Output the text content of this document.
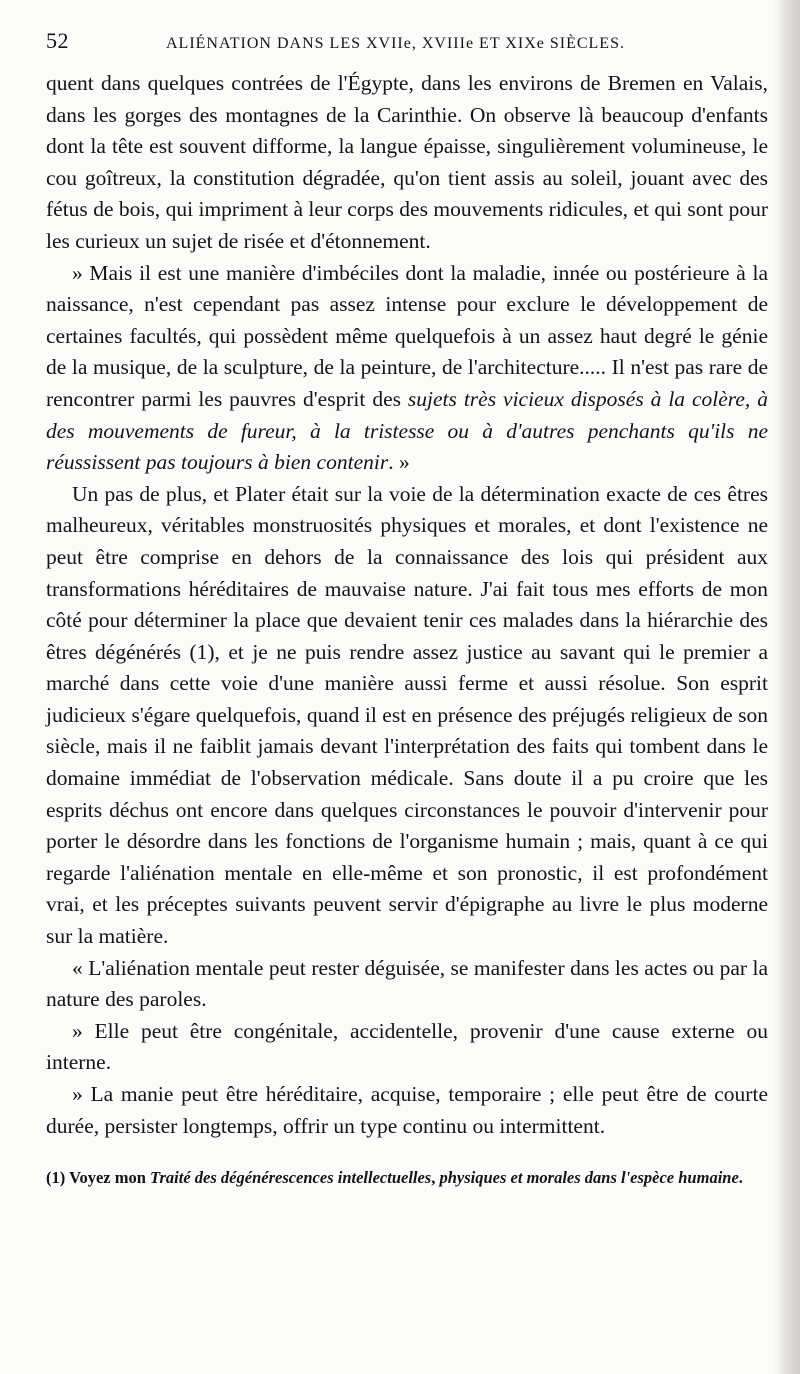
52	ALIÉNATION DANS LES XVIIe, XVIIIe ET XIXe SIÈCLES.

quent dans quelques contrées de l'Égypte, dans les environs de Bremen en Valais, dans les gorges des montagnes de la Carinthie. On observe là beaucoup d'enfants dont la tête est souvent difforme, la langue épaisse, singulièrement volumineuse, le cou goîtreux, la constitution dégradée, qu'on tient assis au soleil, jouant avec des fétus de bois, qui impriment à leur corps des mouvements ridicules, et qui sont pour les curieux un sujet de risée et d'étonnement.

» Mais il est une manière d'imbéciles dont la maladie, innée ou postérieure à la naissance, n'est cependant pas assez intense pour exclure le développement de certaines facultés, qui possèdent même quelquefois à un assez haut degré le génie de la musique, de la sculpture, de la peinture, de l'architecture..... Il n'est pas rare de rencontrer parmi les pauvres d'esprit des sujets très vicieux disposés à la colère, à des mouvements de fureur, à la tristesse ou à d'autres penchants qu'ils ne réussissent pas toujours à bien contenir. »

Un pas de plus, et Plater était sur la voie de la détermination exacte de ces êtres malheureux, véritables monstruosités physiques et morales, et dont l'existence ne peut être comprise en dehors de la connaissance des lois qui président aux transformations héréditaires de mauvaise nature. J'ai fait tous mes efforts de mon côté pour déterminer la place que devaient tenir ces malades dans la hiérarchie des êtres dégénérés (1), et je ne puis rendre assez justice au savant qui le premier a marché dans cette voie d'une manière aussi ferme et aussi résolue. Son esprit judicieux s'égare quelquefois, quand il est en présence des préjugés religieux de son siècle, mais il ne faiblit jamais devant l'interprétation des faits qui tombent dans le domaine immédiat de l'observation médicale. Sans doute il a pu croire que les esprits déchus ont encore dans quelques circonstances le pouvoir d'intervenir pour porter le désordre dans les fonctions de l'organisme humain ; mais, quant à ce qui regarde l'aliénation mentale en elle-même et son pronostic, il est profondément vrai, et les préceptes suivants peuvent servir d'épigraphe au livre le plus moderne sur la matière.

« L'aliénation mentale peut rester déguisée, se manifester dans les actes ou par la nature des paroles.

» Elle peut être congénitale, accidentelle, provenir d'une cause externe ou interne.

» La manie peut être héréditaire, acquise, temporaire ; elle peut être de courte durée, persister longtemps, offrir un type continu ou intermittent.

(1) Voyez mon Traité des dégénérescences intellectuelles, physiques et morales dans l'espèce humaine.
